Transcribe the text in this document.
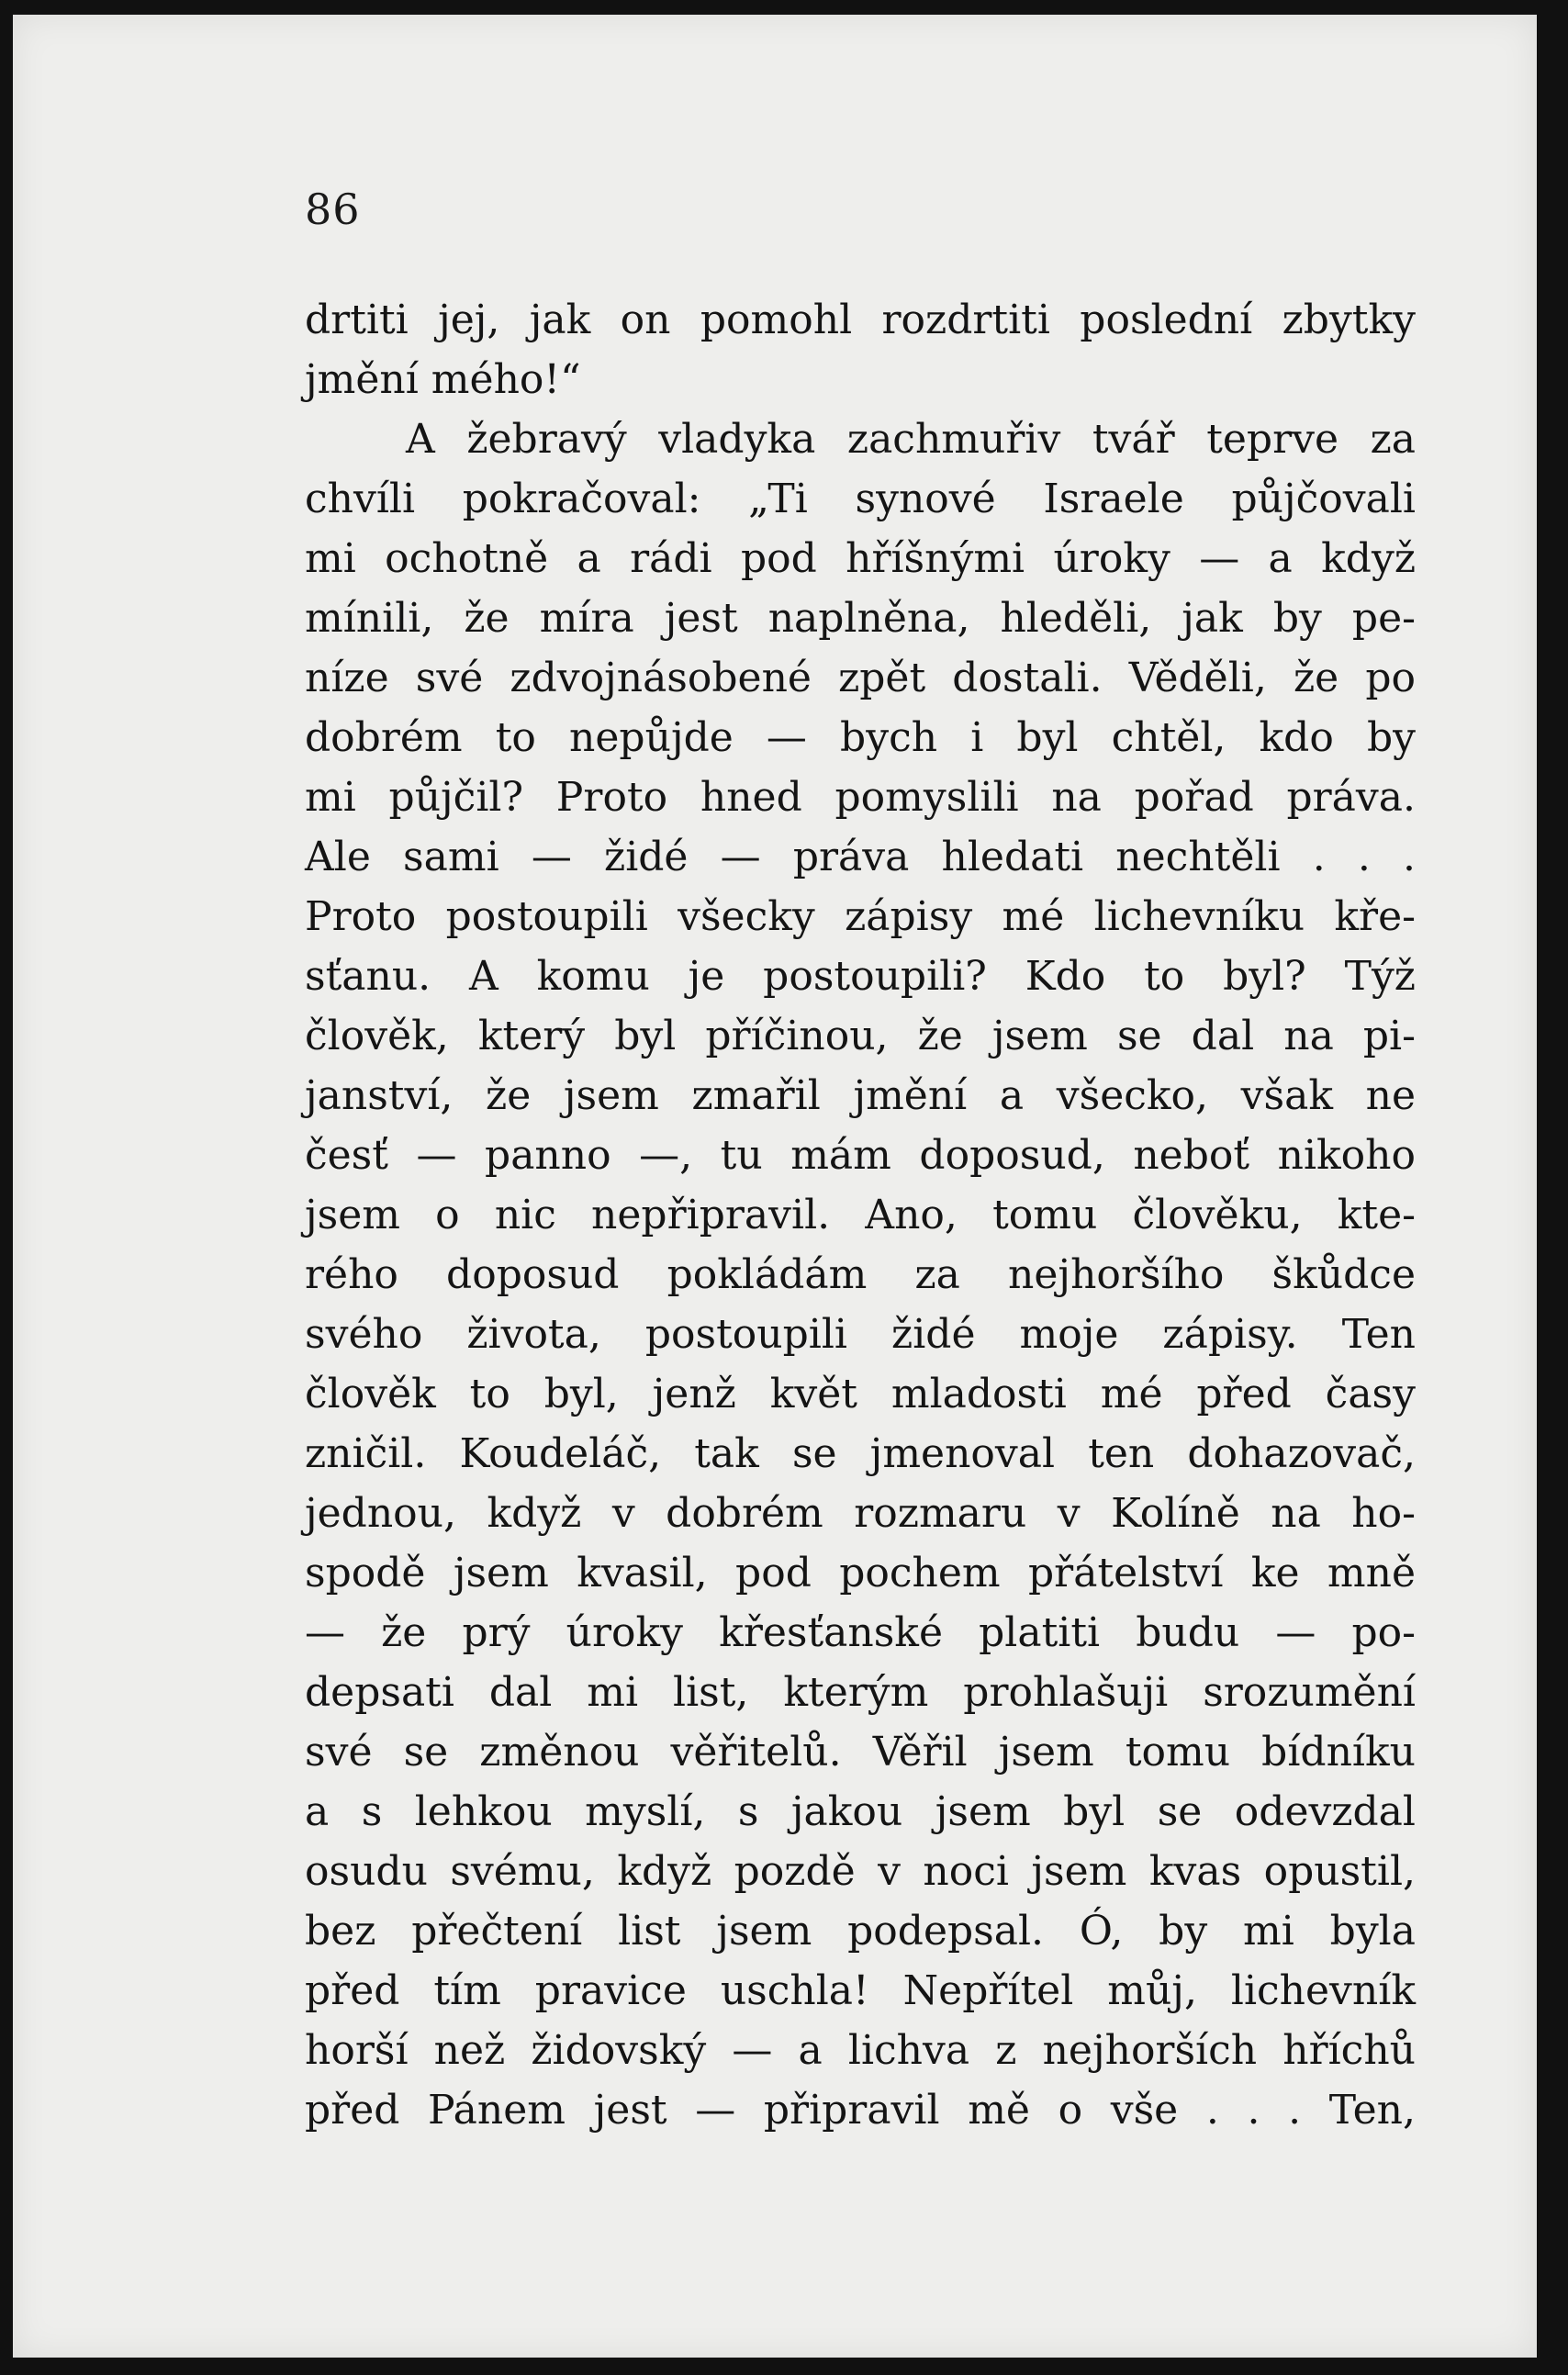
86
drtiti jej, jak on pomohl rozdrtiti poslední zbytky
jmění mého!“
A žebravý vladyka zachmuřiv tvář teprve za
chvíli pokračoval: „Ti synové Israele půjčovali
mi ochotně a rádi pod hříšnými úroky — a když
mínili, že míra jest naplněna, hleděli, jak by pe-
níze své zdvojnásobené zpět dostali. Věděli, že po
dobrém to nepůjde — bych i byl chtěl, kdo by
mi půjčil? Proto hned pomyslili na pořad práva.
Ale sami — židé — práva hledati nechtěli . . .
Proto postoupili všecky zápisy mé lichevníku kře-
sťanu. A komu je postoupili? Kdo to byl? Týž
člověk, který byl příčinou, že jsem se dal na pi-
janství, že jsem zmařil jmění a všecko, však ne
česť — panno —, tu mám doposud, neboť nikoho
jsem o nic nepřipravil. Ano, tomu člověku, kte-
rého doposud pokládám za nejhoršího škůdce
svého života, postoupili židé moje zápisy. Ten
člověk to byl, jenž květ mladosti mé před časy
zničil. Koudeláč, tak se jmenoval ten dohazovač,
jednou, když v dobrém rozmaru v Kolíně na ho-
spodě jsem kvasil, pod pochem přátelství ke mně
— že prý úroky křesťanské platiti budu — po-
depsati dal mi list, kterým prohlašuji srozumění
své se změnou věřitelů. Věřil jsem tomu bídníku
a s lehkou myslí, s jakou jsem byl se odevzdal
osudu svému, když pozdě v noci jsem kvas opustil,
bez přečtení list jsem podepsal. Ó, by mi byla
před tím pravice uschla! Nepřítel můj, lichevník
horší než židovský — a lichva z nejhorších hříchů
před Pánem jest — připravil mě o vše . . . Ten,
